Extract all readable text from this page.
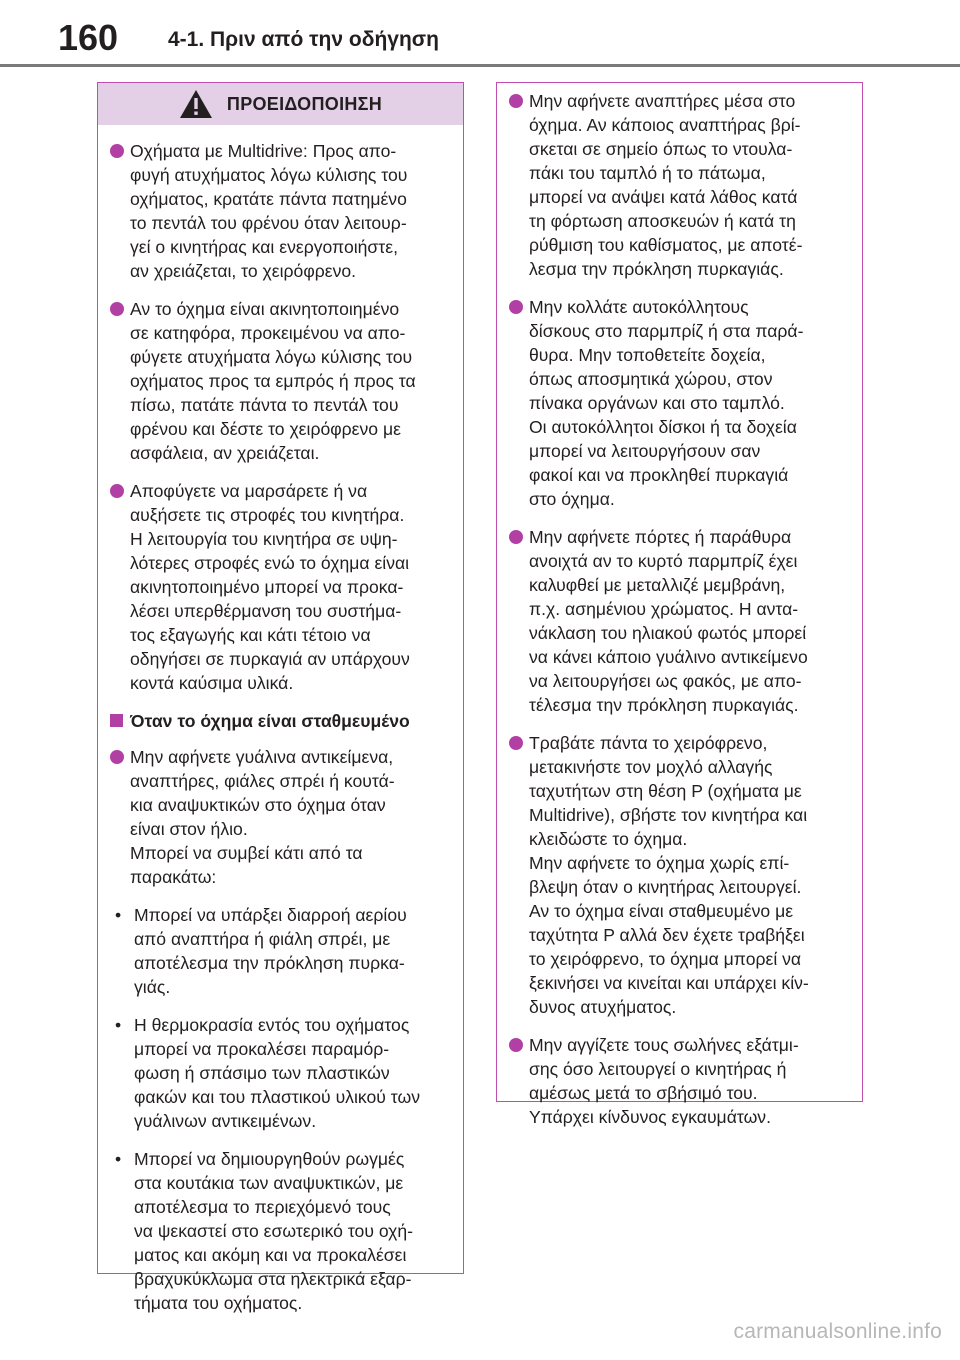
160 4-1. Πριν από την οδήγηση
ΠΡΟΕΙΔΟΠΟΙΗΣΗ

Οχήματα με Multidrive: Προς απο-
φυγή ατυχήματος λόγω κύλισης του
οχήματος, κρατάτε πάντα πατημένο
το πεντάλ του φρένου όταν λειτουρ-
γεί ο κινητήρας και ενεργοποιήστε,
αν χρειάζεται, το χειρόφρενο.

Αν το όχημα είναι ακινητοποιημένο
σε κατηφόρα, προκειμένου να απο-
φύγετε ατυχήματα λόγω κύλισης του
οχήματος προς τα εμπρός ή προς τα
πίσω, πατάτε πάντα το πεντάλ του
φρένου και δέστε το χειρόφρενο με
ασφάλεια, αν χρειάζεται.

Αποφύγετε να μαρσάρετε ή να
αυξήσετε τις στροφές του κινητήρα.
Η λειτουργία του κινητήρα σε υψη-
λότερες στροφές ενώ το όχημα είναι
ακινητοποιημένο μπορεί να προκα-
λέσει υπερθέρμανση του συστήμα-
τος εξαγωγής και κάτι τέτοιο να
οδηγήσει σε πυρκαγιά αν υπάρχουν
κοντά καύσιμα υλικά.

Όταν το όχημα είναι σταθμευμένο

Μην αφήνετε γυάλινα αντικείμενα,
αναπτήρες, φιάλες σπρέι ή κουτά-
κια αναψυκτικών στο όχημα όταν
είναι στον ήλιο.
Μπορεί να συμβεί κάτι από τα
παρακάτω:

• Μπορεί να υπάρξει διαρροή αερίου
από αναπτήρα ή φιάλη σπρέι, με
αποτέλεσμα την πρόκληση πυρκα-
γιάς.

• Η θερμοκρασία εντός του οχήματος
μπορεί να προκαλέσει παραμόρ-
φωση ή σπάσιμο των πλαστικών
φακών και του πλαστικού υλικού των
γυάλινων αντικειμένων.

• Μπορεί να δημιουργηθούν ρωγμές
στα κουτάκια των αναψυκτικών, με
αποτέλεσμα το περιεχόμενό τους
να ψεκαστεί στο εσωτερικό του οχή-
ματος και ακόμη και να προκαλέσει
βραχυκύκλωμα στα ηλεκτρικά εξαρ-
τήματα του οχήματος.

Μην αφήνετε αναπτήρες μέσα στο
όχημα. Αν κάποιος αναπτήρας βρί-
σκεται σε σημείο όπως το ντουλα-
πάκι του ταμπλό ή το πάτωμα,
μπορεί να ανάψει κατά λάθος κατά
τη φόρτωση αποσκευών ή κατά τη
ρύθμιση του καθίσματος, με αποτέ-
λεσμα την πρόκληση πυρκαγιάς.

Μην κολλάτε αυτοκόλλητους
δίσκους στο παρμπρίζ ή στα παρά-
θυρα. Μην τοποθετείτε δοχεία,
όπως αποσμητικά χώρου, στον
πίνακα οργάνων και στο ταμπλό.
Οι αυτοκόλλητοι δίσκοι ή τα δοχεία
μπορεί να λειτουργήσουν σαν
φακοί και να προκληθεί πυρκαγιά
στο όχημα.

Μην αφήνετε πόρτες ή παράθυρα
ανοιχτά αν το κυρτό παρμπρίζ έχει
καλυφθεί με μεταλλιζέ μεμβράνη,
π.χ. ασημένιου χρώματος. Η αντα-
νάκλαση του ηλιακού φωτός μπορεί
να κάνει κάποιο γυάλινο αντικείμενο
να λειτουργήσει ως φακός, με απο-
τέλεσμα την πρόκληση πυρκαγιάς.

Τραβάτε πάντα το χειρόφρενο,
μετακινήστε τον μοχλό αλλαγής
ταχυτήτων στη θέση P (οχήματα με
Multidrive), σβήστε τον κινητήρα και
κλειδώστε το όχημα.
Μην αφήνετε το όχημα χωρίς επί-
βλεψη όταν ο κινητήρας λειτουργεί.
Αν το όχημα είναι σταθμευμένο με
ταχύτητα P αλλά δεν έχετε τραβήξει
το χειρόφρενο, το όχημα μπορεί να
ξεκινήσει να κινείται και υπάρχει κίν-
δυνος ατυχήματος.

Μην αγγίζετε τους σωλήνες εξάτμι-
σης όσο λειτουργεί ο κινητήρας ή
αμέσως μετά το σβήσιμό του.
Υπάρχει κίνδυνος εγκαυμάτων.

carmanualsonline.info
